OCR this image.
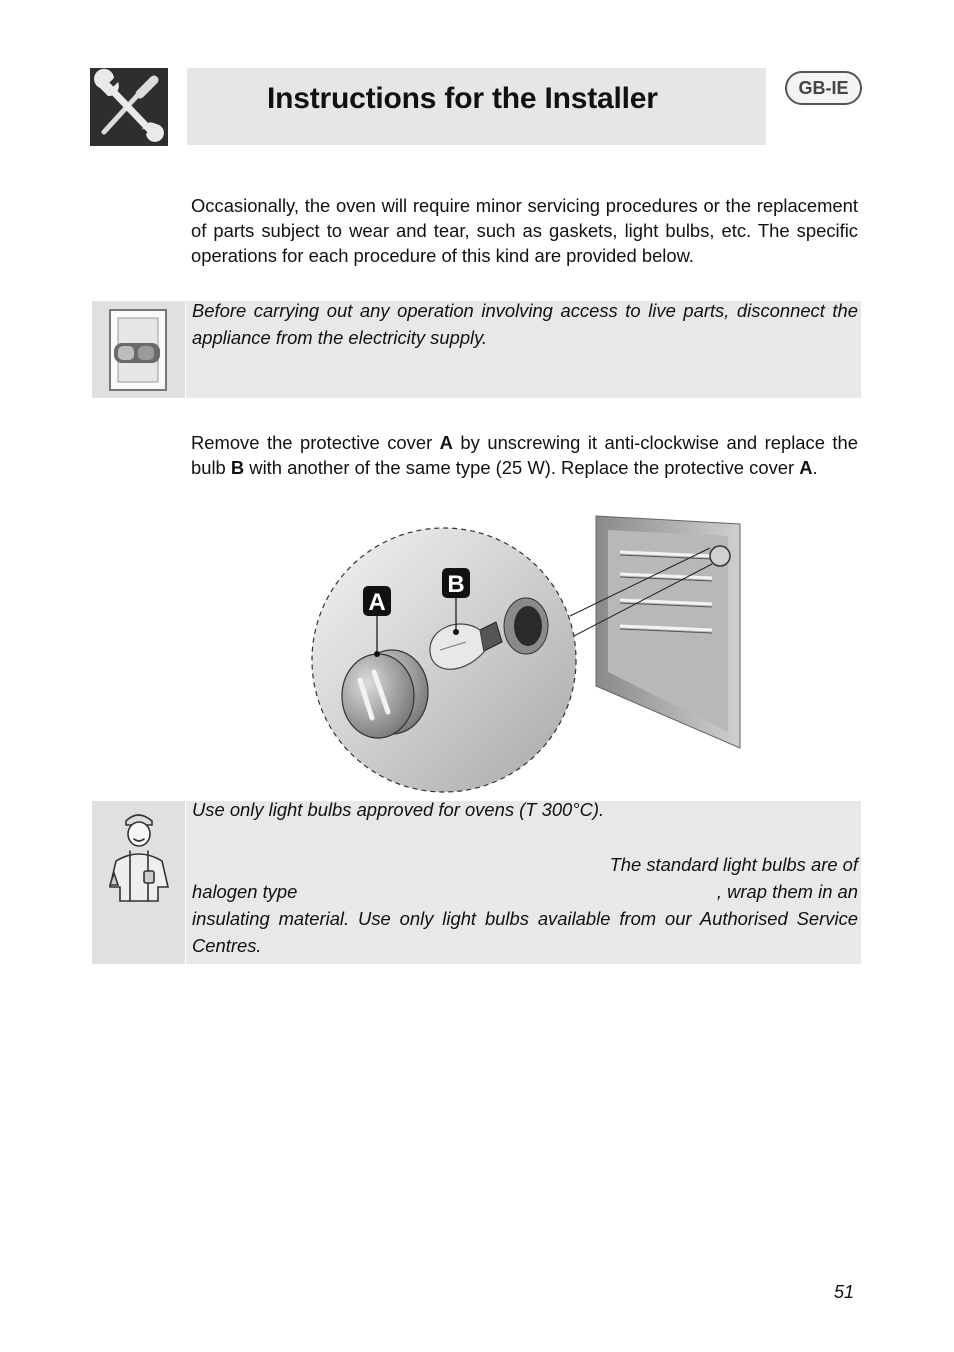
Instructions for the Installer	GB-IE

Occasionally, the oven will require minor servicing procedures or the replacement of parts subject to wear and tear, such as gaskets, light bulbs, etc. The specific operations for each procedure of this kind are provided below.

Before carrying out any operation involving access to live parts, disconnect the appliance from the electricity supply.

Remove the protective cover A by unscrewing it anti-clockwise and replace the bulb B with another of the same type (25 W). Replace the protective cover A.

B
A

Use only light bulbs approved for ovens (T 300°C).

The standard light bulbs are of

halogen type	, wrap them in an

insulating material. Use only light bulbs available from our Authorised Service Centres.

51
